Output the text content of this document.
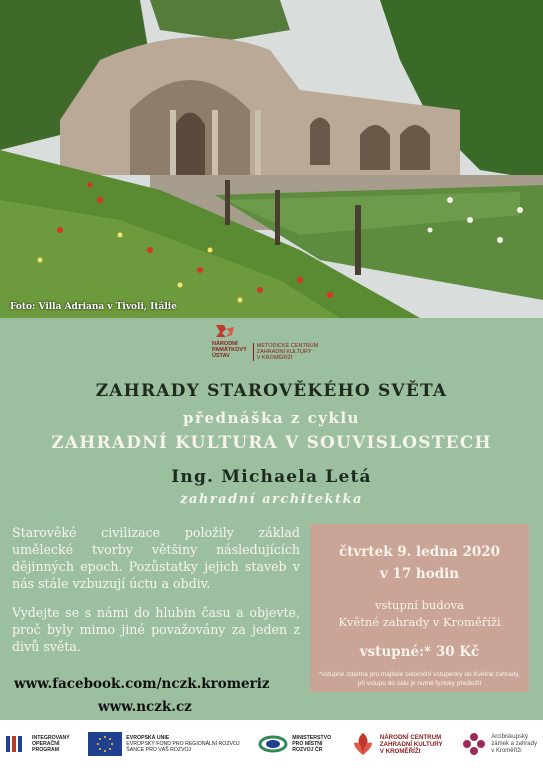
Foto: Villa Adriana v Tivoli, Itálie
NÁRODNÍ
PAMÁTKOVÝ
ÚSTAV
METODICKÉ CENTRUM
ZAHRADNÍ KULTURY
V KROMĚŘÍŽI
ZAHRADY STAROVĚKÉHO SVĚTA
přednáška z cyklu
ZAHRADNÍ KULTURA V SOUVISLOSTECH
Ing. Michaela Letá
zahradní architektka
Starověké civilizace položily základ umělecké tvorby většiny následujících dějinných epoch. Pozůstatky jejich staveb v nás stále vzbuzují úctu a obdiv.
Vydejte se s námi do hlubin času a objevte, proč byly mimo jiné považovány za jeden z divů světa.
www.facebook.com/nczk.kromeriz
www.nczk.cz
čtvrtek 9. ledna 2020
v 17 hodin
vstupní budova
Květné zahrady v Kroměříži
vstupné:* 30 Kč
*vstupné zdarma pro majitele celoroční vstupenky do Květné zahrady, při vstupu do sálu je nutné fyzicky předložit
INTEGROVANÝ
OPERAČNÍ
PROGRAM
EVROPSKÁ UNIE
EVROPSKÝ FOND PRO REGIONÁLNÍ ROZVOJ
ŠANCE PRO VÁŠ ROZVOJ
MINISTERSTVO
PRO MÍSTNÍ
ROZVOJ ČR
NÁRODNÍ CENTRUM
ZAHRADNÍ KULTURY
V KROMĚŘÍŽI
Arcibiskupský
zámek a zahrady
v Kroměříži
